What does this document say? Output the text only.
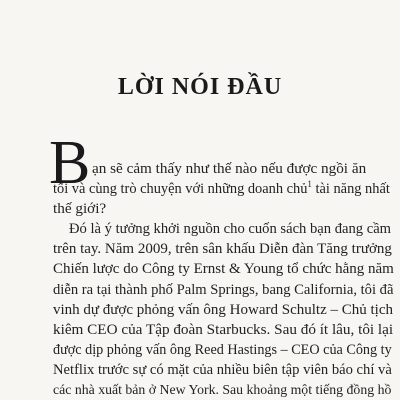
LỜI NÓI ĐẦU
B ạn sẽ cảm thấy như thế nào nếu được ngồi ăn
tối và cùng trò chuyện với những doanh chủ$^1$ tài năng nhất
thế giới?
Đó là ý tưởng khởi nguồn cho cuốn sách bạn đang cầm
trên tay. Năm 2009, trên sân khấu Diễn đàn Tăng trưởng
Chiến lược do Công ty Ernst & Young tổ chức hằng năm
diễn ra tại thành phố Palm Springs, bang California, tôi đã
vinh dự được phỏng vấn ông Howard Schultz – Chủ tịch
kiêm CEO của Tập đoàn Starbucks. Sau đó ít lâu, tôi lại
được dịp phỏng vấn ông Reed Hastings – CEO của Công ty
Netflix trước sự có mặt của nhiều biên tập viên báo chí và
các nhà xuất bản ở New York. Sau khoảng một tiếng đồng hồ
